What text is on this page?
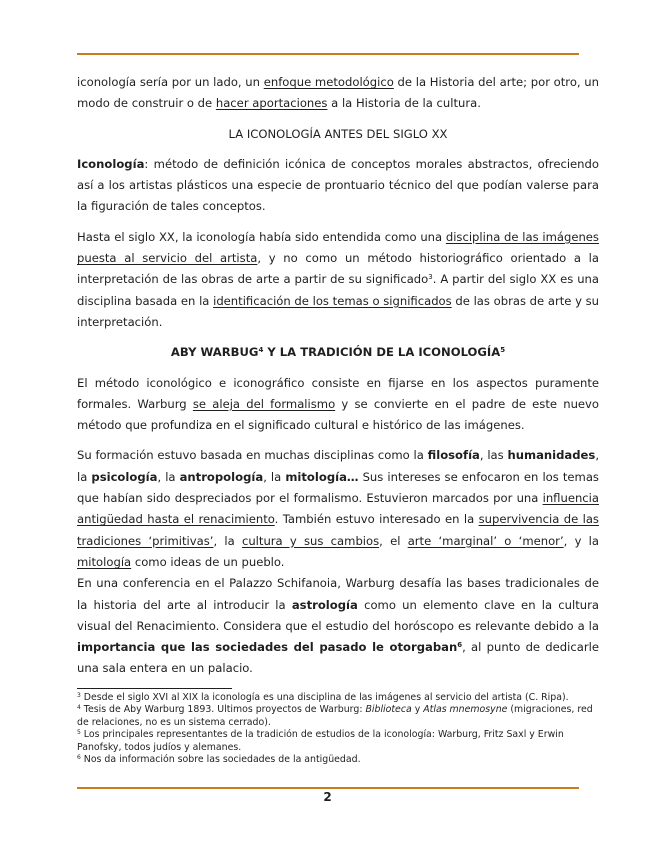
iconología sería por un lado, un enfoque metodológico de la Historia del arte; por otro, un modo de construir o de hacer aportaciones a la Historia de la cultura.

LA ICONOLOGÍA ANTES DEL SIGLO XX

Iconología: método de definición icónica de conceptos morales abstractos, ofreciendo así a los artistas plásticos una especie de prontuario técnico del que podían valerse para la figuración de tales conceptos.

Hasta el siglo XX, la iconología había sido entendida como una disciplina de las imágenes puesta al servicio del artista, y no como un método historiográfico orientado a la interpretación de las obras de arte a partir de su significado$^3$. A partir del siglo XX es una disciplina basada en la identificación de los temas o significados de las obras de arte y su interpretación.

ABY WARBUG$^4$ Y LA TRADICIÓN DE LA ICONOLOGÍA$^5$

El método iconológico e iconográfico consiste en fijarse en los aspectos puramente formales. Warburg se aleja del formalismo y se convierte en el padre de este nuevo método que profundiza en el significado cultural e histórico de las imágenes.

Su formación estuvo basada en muchas disciplinas como la filosofía, las humanidades, la psicología, la antropología, la mitología… Sus intereses se enfocaron en los temas que habían sido despreciados por el formalismo. Estuvieron marcados por una influencia antigüedad hasta el renacimiento. También estuvo interesado en la supervivencia de las tradiciones ‘primitivas’, la cultura y sus cambios, el arte ‘marginal’ o ‘menor’, y la mitología como ideas de un pueblo.

En una conferencia en el Palazzo Schifanoia, Warburg desafía las bases tradicionales de la historia del arte al introducir la astrología como un elemento clave en la cultura visual del Renacimiento. Considera que el estudio del horóscopo es relevante debido a la importancia que las sociedades del pasado le otorgaban$^6$, al punto de dedicarle una sala entera en un palacio.

$^3$ Desde el siglo XVI al XIX la iconología es una disciplina de las imágenes al servicio del artista (C. Ripa).

$^4$ Tesis de Aby Warburg 1893. Ultimos proyectos de Warburg: Biblioteca y Atlas mnemosyne (migraciones, red de relaciones, no es un sistema cerrado).

$^5$ Los principales representantes de la tradición de estudios de la iconología: Warburg, Fritz Saxl y Erwin Panofsky, todos judíos y alemanes.

$^6$ Nos da información sobre las sociedades de la antigüedad.

2
